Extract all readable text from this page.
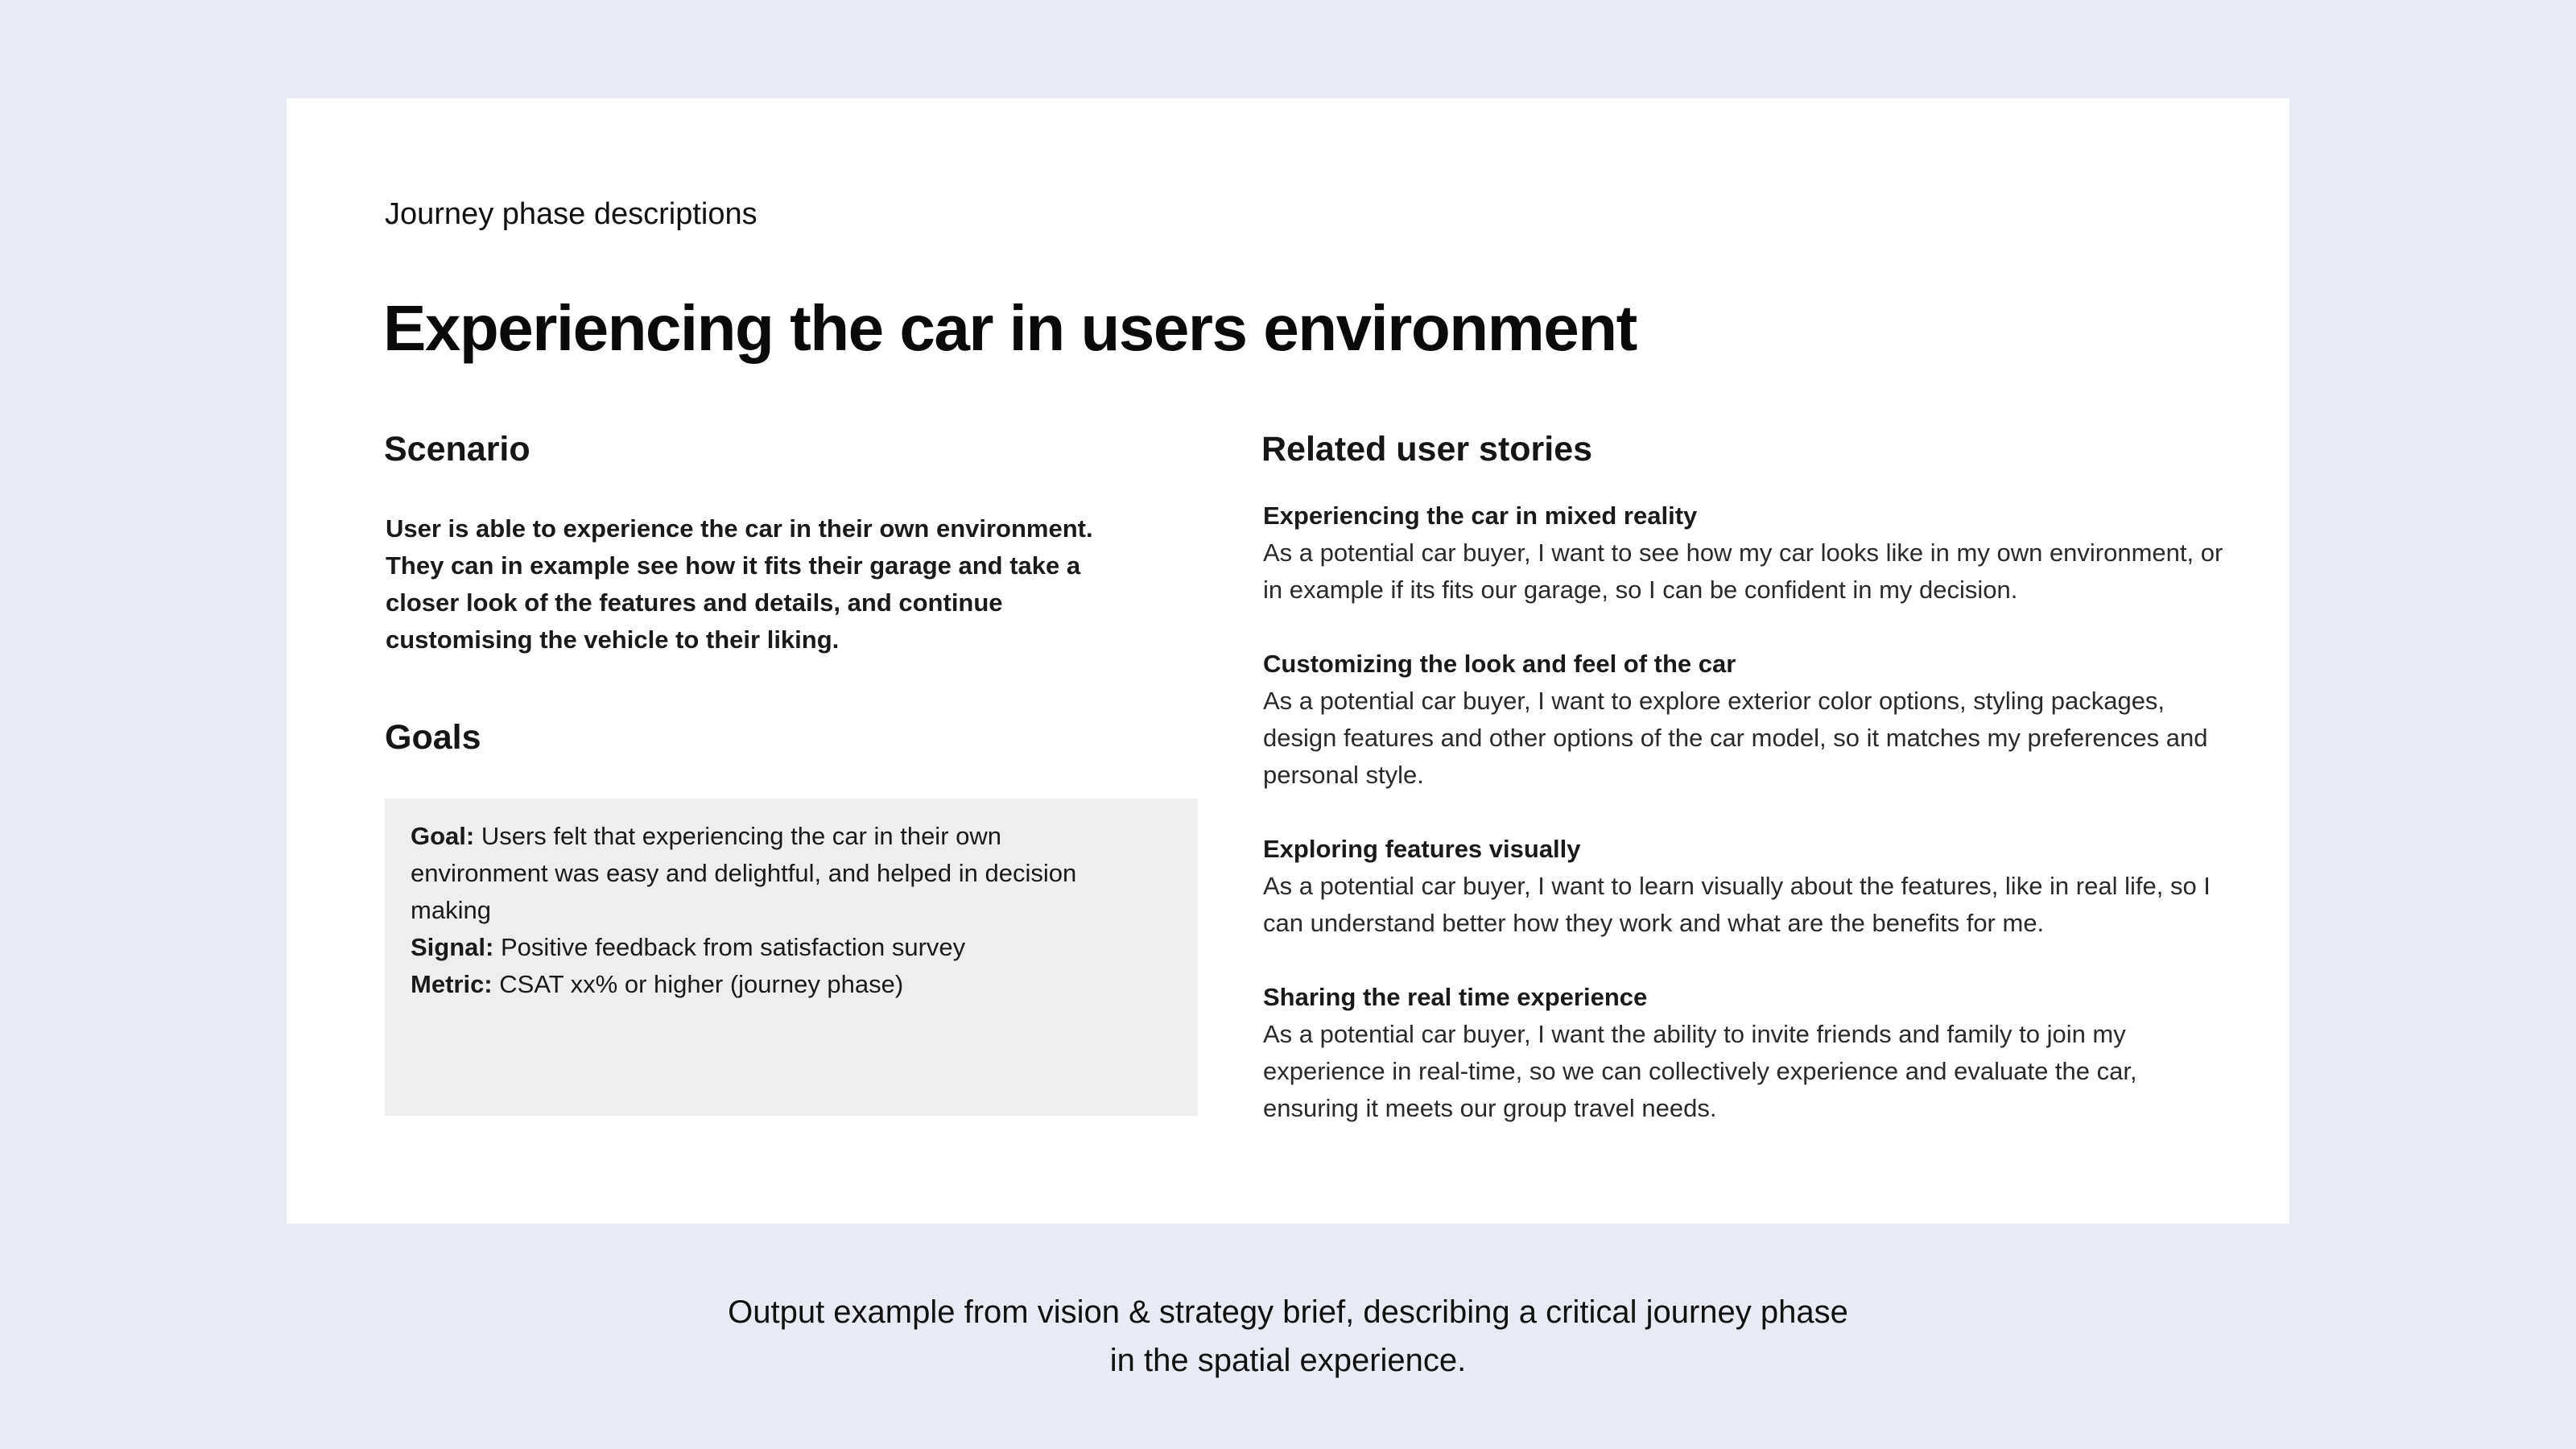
Journey phase descriptions
Experiencing the car in users environment
Scenario

User is able to experience the car in their own environment. They can in example see how it fits their garage and take a closer look of the features and details, and continue customising the vehicle to their liking.

Goals

Goal: Users felt that experiencing the car in their own environment was easy and delightful, and helped in decision making

Signal: Positive feedback from satisfaction survey

Metric: CSAT xx% or higher (journey phase)

Related user stories
Experiencing the car in mixed reality

As a potential car buyer, I want to see how my car looks like in my own environment, or in example if its fits our garage, so I can be confident in my decision.

Customizing the look and feel of the car

As a potential car buyer, I want to explore exterior color options, styling packages, design features and other options of the car model, so it matches my preferences and personal style.

Exploring features visually

As a potential car buyer, I want to learn visually about the features, like in real life, so I can understand better how they work and what are the benefits for me.

Sharing the real time experience

As a potential car buyer, I want the ability to invite friends and family to join my experience in real-time, so we can collectively experience and evaluate the car, ensuring it meets our group travel needs.

Output example from vision & strategy brief, describing a critical journey phase in the spatial experience.
